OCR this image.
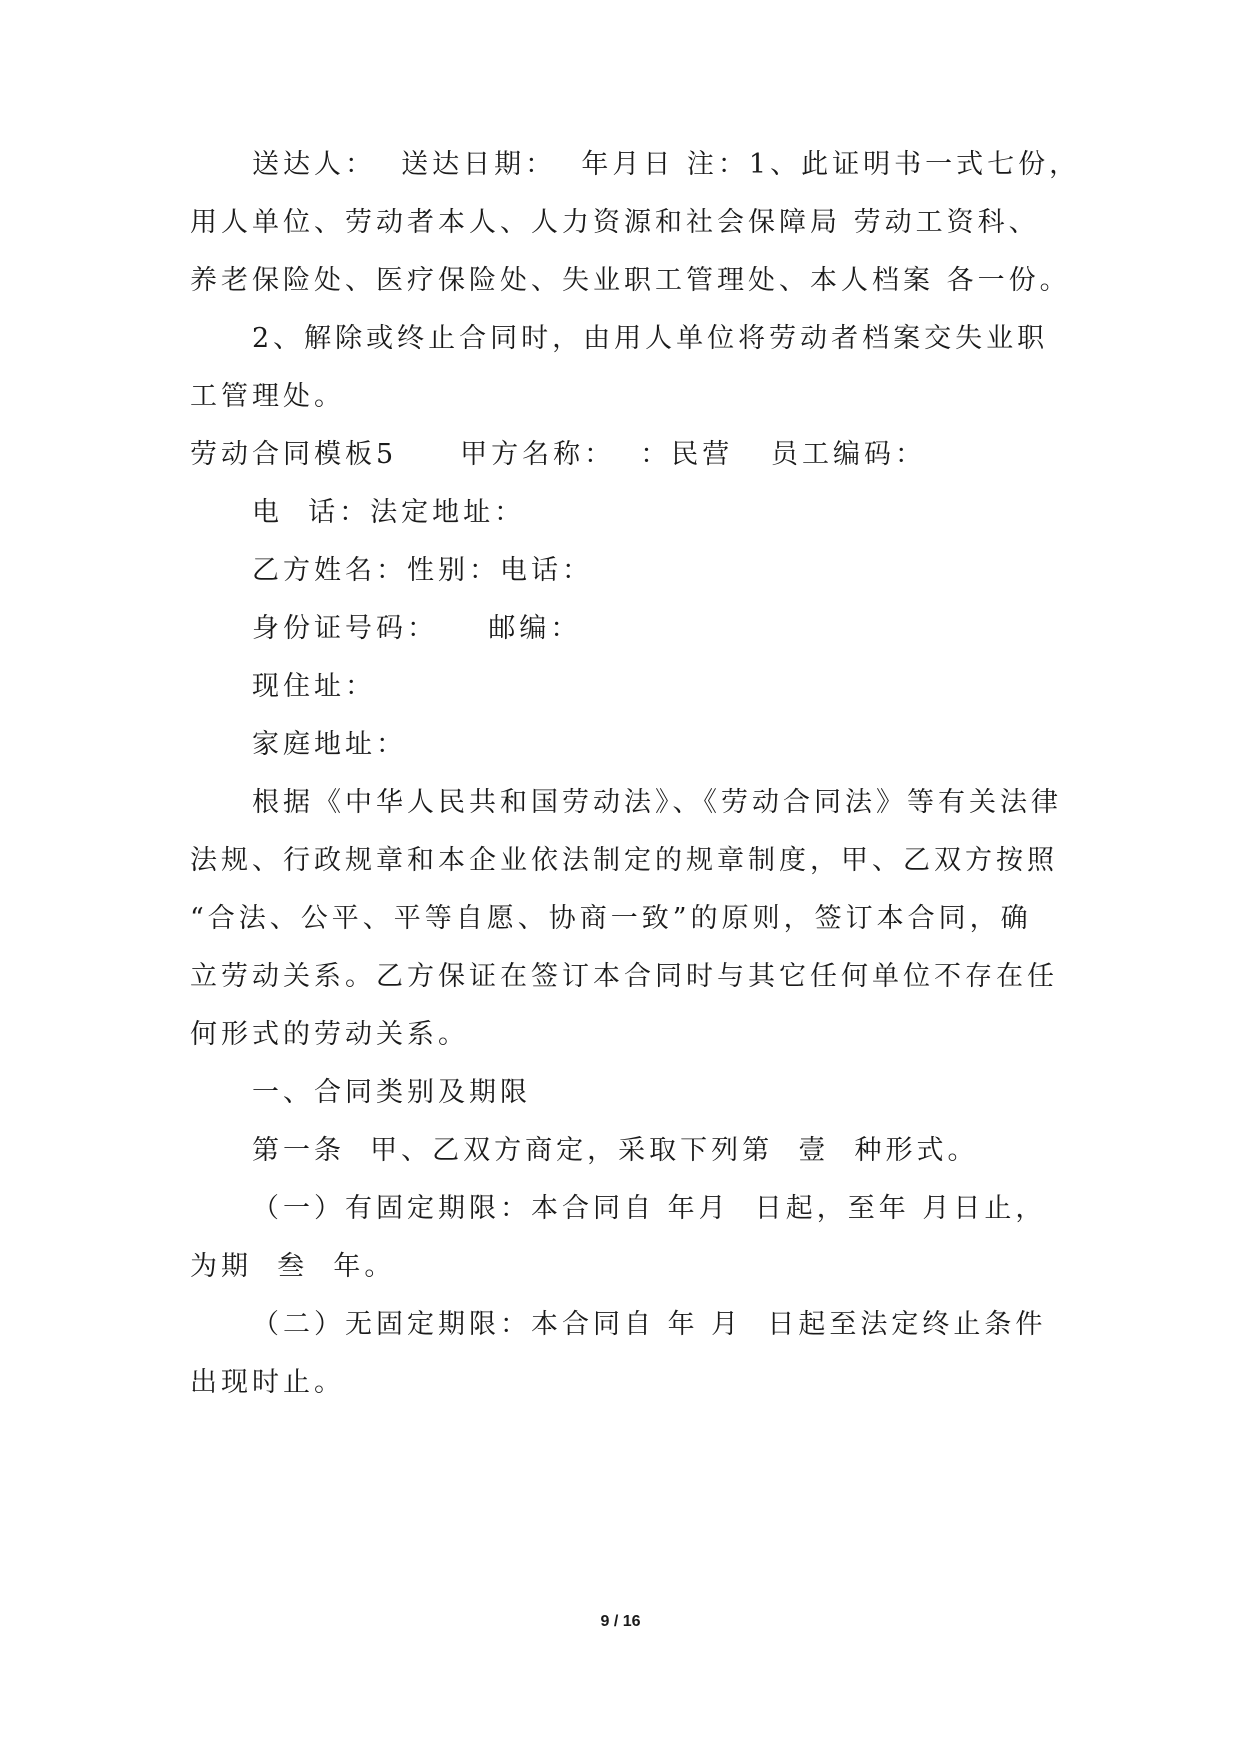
送达人：  送达日期：  年月日 注：1、此证明书一式七份，
用人单位、劳动者本人、人力资源和社会保障局 劳动工资科、
养老保险处、医疗保险处、失业职工管理处、本人档案 各一份。
2、解除或终止合同时，由用人单位将劳动者档案交失业职
工管理处。
劳动合同模板5     甲方名称：  ：民营   员工编码：
电  话：法定地址：
乙方姓名：性别：电话：
身份证号码：    邮编：
现住址：
家庭地址：
根据《中华人民共和国劳动法》、《劳动合同法》等有关法律
法规、行政规章和本企业依法制定的规章制度，甲、乙双方按照
“合法、公平、平等自愿、协商一致”的原则，签订本合同，确
立劳动关系。乙方保证在签订本合同时与其它任何单位不存在任
何形式的劳动关系。
一、合同类别及期限
第一条  甲、乙双方商定，采取下列第  壹  种形式。
（一）有固定期限：本合同自 年月  日起，至年 月日止，
为期  叁  年。
（二）无固定期限：本合同自 年 月  日起至法定终止条件
出现时止。
9 / 16
